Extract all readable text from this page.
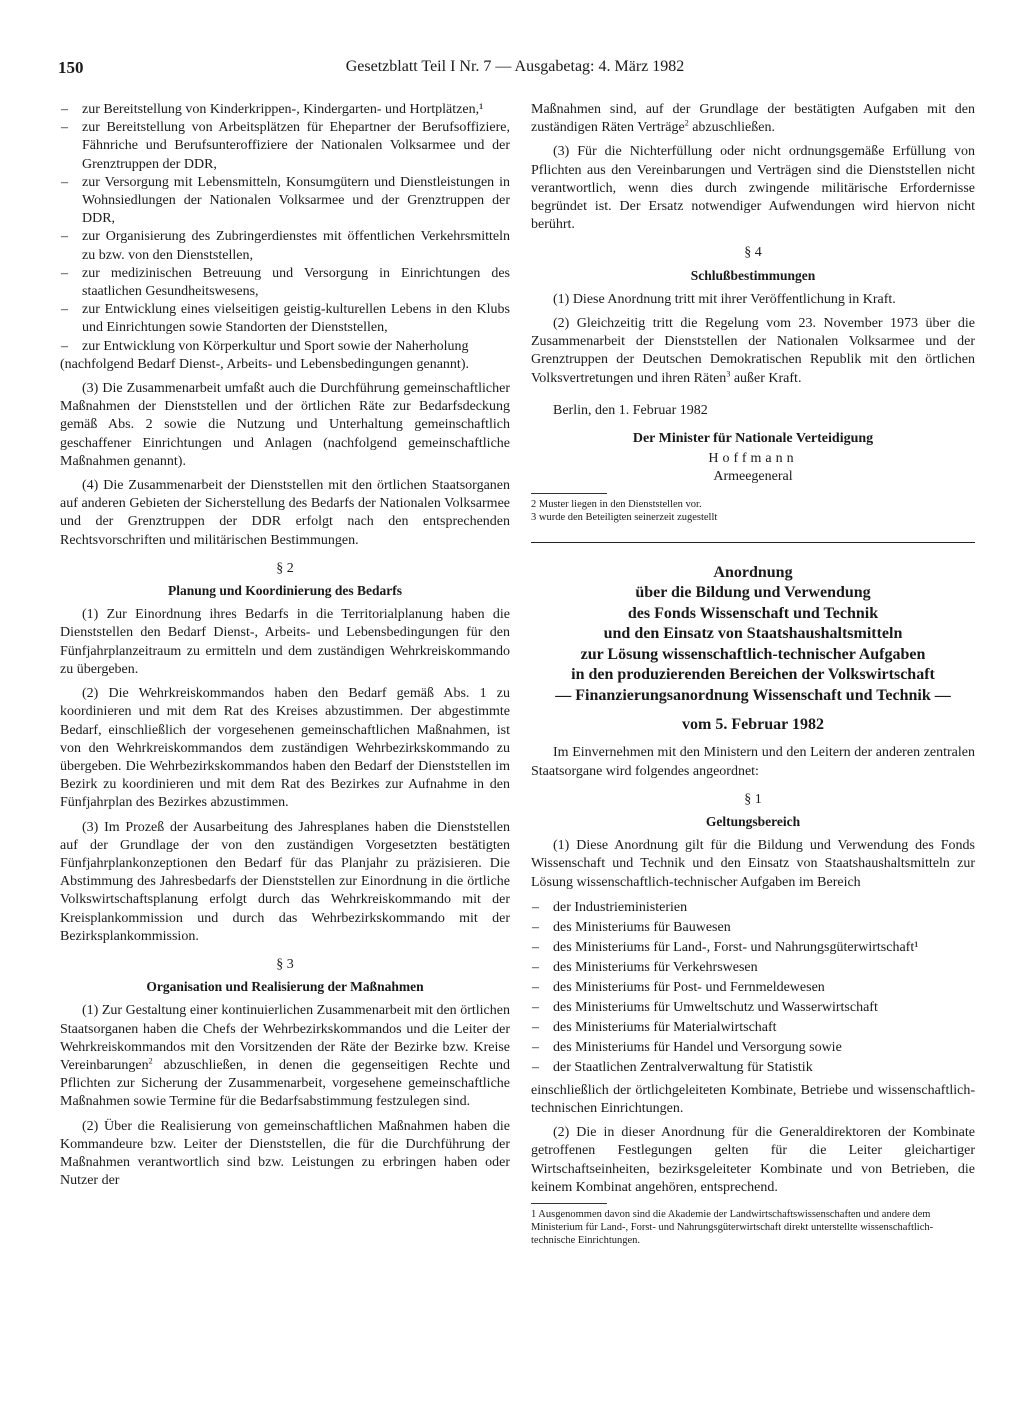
150	Gesetzblatt Teil I Nr. 7 — Ausgabetag: 4. März 1982
– zur Bereitstellung von Kinderkrippen-, Kindergarten- und Hortplätzen,¹
– zur Bereitstellung von Arbeitsplätzen für Ehepartner der Berufsoffiziere, Fähnriche und Berufsunteroffiziere der Nationalen Volksarmee und der Grenztruppen der DDR,
– zur Versorgung mit Lebensmitteln, Konsumgütern und Dienstleistungen in Wohnsiedlungen der Nationalen Volksarmee und der Grenztruppen der DDR,
– zur Organisierung des Zubringerdienstes mit öffentlichen Verkehrsmitteln zu bzw. von den Dienststellen,
– zur medizinischen Betreuung und Versorgung in Einrichtungen des staatlichen Gesundheitswesens,
– zur Entwicklung eines vielseitigen geistig-kulturellen Lebens in den Klubs und Einrichtungen sowie Standorten der Dienststellen,
– zur Entwicklung von Körperkultur und Sport sowie der Naherholung

(nachfolgend Bedarf Dienst-, Arbeits- und Lebensbedingungen genannt).

(3) Die Zusammenarbeit umfaßt auch die Durchführung gemeinschaftlicher Maßnahmen der Dienststellen und der örtlichen Räte zur Bedarfsdeckung gemäß Abs. 2 sowie die Nutzung und Unterhaltung gemeinschaftlich geschaffener Einrichtungen und Anlagen (nachfolgend gemeinschaftliche Maßnahmen genannt).

(4) Die Zusammenarbeit der Dienststellen mit den örtlichen Staatsorganen auf anderen Gebieten der Sicherstellung des Bedarfs der Nationalen Volksarmee und der Grenztruppen der DDR erfolgt nach den entsprechenden Rechtsvorschriften und militärischen Bestimmungen.

§ 2
Planung und Koordinierung des Bedarfs

(1) Zur Einordnung ihres Bedarfs in die Territorialplanung haben die Dienststellen den Bedarf Dienst-, Arbeits- und Lebensbedingungen für den Fünfjahrplanzeitraum zu ermitteln und dem zuständigen Wehrkreiskommando zu übergeben.

(2) Die Wehrkreiskommandos haben den Bedarf gemäß Abs. 1 zu koordinieren und mit dem Rat des Kreises abzustimmen. Der abgestimmte Bedarf, einschließlich der vorgesehenen gemeinschaftlichen Maßnahmen, ist von den Wehrkreiskommandos dem zuständigen Wehrbezirkskommando zu übergeben. Die Wehrbezirkskommandos haben den Bedarf der Dienststellen im Bezirk zu koordinieren und mit dem Rat des Bezirkes zur Aufnahme in den Fünfjahrplan des Bezirkes abzustimmen.

(3) Im Prozeß der Ausarbeitung des Jahresplanes haben die Dienststellen auf der Grundlage der von den zuständigen Vorgesetzten bestätigten Fünfjahrplankonzeptionen den Bedarf für das Planjahr zu präzisieren. Die Abstimmung des Jahresbedarfs der Dienststellen zur Einordnung in die örtliche Volkswirtschaftsplanung erfolgt durch das Wehrkreiskommando mit der Kreisplankommission und durch das Wehrbezirkskommando mit der Bezirksplankommission.

§ 3
Organisation und Realisierung der Maßnahmen

(1) Zur Gestaltung einer kontinuierlichen Zusammenarbeit mit den örtlichen Staatsorganen haben die Chefs der Wehrbezirkskommandos und die Leiter der Wehrkreiskommandos mit den Vorsitzenden der Räte der Bezirke bzw. Kreise Vereinbarungen$^2$ abzuschließen, in denen die gegenseitigen Rechte und Pflichten zur Sicherung der Zusammenarbeit, vorgesehene gemeinschaftliche Maßnahmen sowie Termine für die Bedarfsabstimmung festzulegen sind.

(2) Über die Realisierung von gemeinschaftlichen Maßnahmen haben die Kommandeure bzw. Leiter der Dienststellen, die für die Durchführung der Maßnahmen verantwortlich sind bzw. Leistungen zu erbringen haben oder Nutzer der

Maßnahmen sind, auf der Grundlage der bestätigten Aufgaben mit den zuständigen Räten Verträge$^2$ abzuschließen.

(3) Für die Nichterfüllung oder nicht ordnungsgemäße Erfüllung von Pflichten aus den Vereinbarungen und Verträgen sind die Dienststellen nicht verantwortlich, wenn dies durch zwingende militärische Erfordernisse begründet ist. Der Ersatz notwendiger Aufwendungen wird hiervon nicht berührt.

§ 4
Schlußbestimmungen

(1) Diese Anordnung tritt mit ihrer Veröffentlichung in Kraft.

(2) Gleichzeitig tritt die Regelung vom 23. November 1973 über die Zusammenarbeit der Dienststellen der Nationalen Volksarmee und der Grenztruppen der Deutschen Demokratischen Republik mit den örtlichen Volksvertretungen und ihren Räten$^3$ außer Kraft.

Berlin, den 1. Februar 1982

Der Minister für Nationale Verteidigung
Hoffmann
Armeegeneral

2 Muster liegen in den Dienststellen vor.

3 wurde den Beteiligten seinerzeit zugestellt

Anordnung
über die Bildung und Verwendung
des Fonds Wissenschaft und Technik
und den Einsatz von Staatshaushaltsmitteln
zur Lösung wissenschaftlich-technischer Aufgaben
in den produzierenden Bereichen der Volkswirtschaft
— Finanzierungsanordnung Wissenschaft und Technik —
vom 5. Februar 1982

Im Einvernehmen mit den Ministern und den Leitern der anderen zentralen Staatsorgane wird folgendes angeordnet:

§ 1
Geltungsbereich

(1) Diese Anordnung gilt für die Bildung und Verwendung des Fonds Wissenschaft und Technik und den Einsatz von Staatshaushaltsmitteln zur Lösung wissenschaftlich-technischer Aufgaben im Bereich

– der Industrieministerien
– des Ministeriums für Bauwesen
– des Ministeriums für Land-, Forst- und Nahrungsgüterwirtschaft¹
– des Ministeriums für Verkehrswesen
– des Ministeriums für Post- und Fernmeldewesen
– des Ministeriums für Umweltschutz und Wasserwirtschaft
– des Ministeriums für Materialwirtschaft
– des Ministeriums für Handel und Versorgung sowie
– der Staatlichen Zentralverwaltung für Statistik

einschließlich der örtlichgeleiteten Kombinate, Betriebe und wissenschaftlich-technischen Einrichtungen.

(2) Die in dieser Anordnung für die Generaldirektoren der Kombinate getroffenen Festlegungen gelten für die Leiter gleichartiger Wirtschaftseinheiten, bezirksgeleiteter Kombinate und von Betrieben, die keinem Kombinat angehören, entsprechend.

1 Ausgenommen davon sind die Akademie der Landwirtschaftswissenschaften und andere dem Ministerium für Land-, Forst- und Nahrungsgüterwirtschaft direkt unterstellte wissenschaftlich-technische Einrichtungen.
